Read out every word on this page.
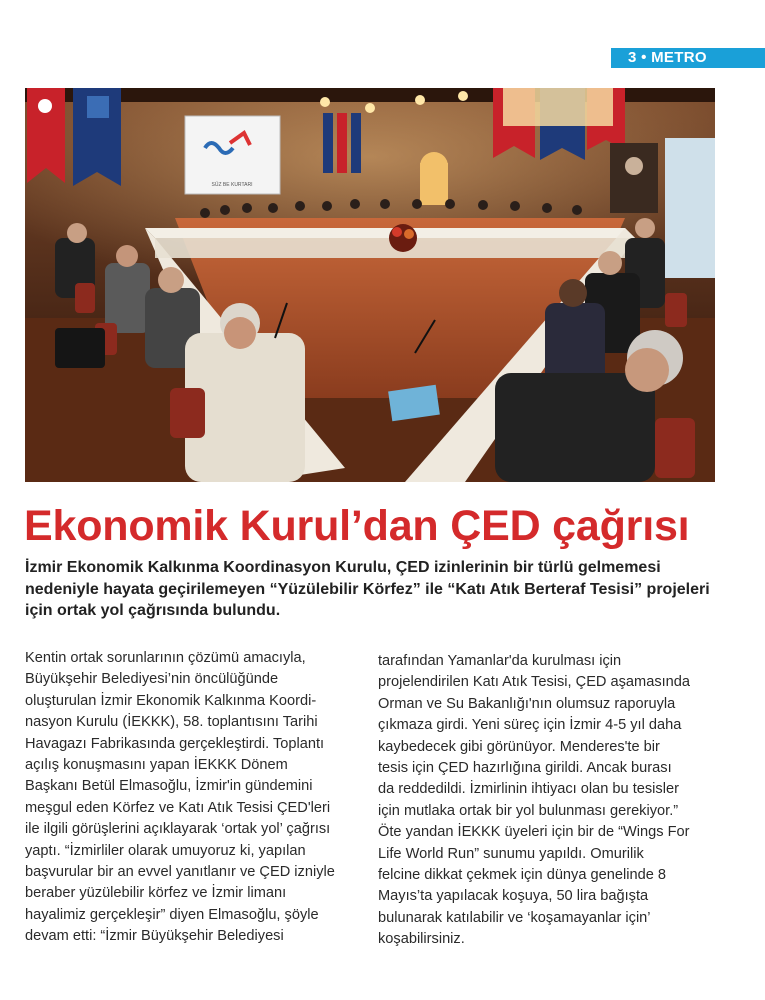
3 • METRO
SÜZ BE KURTARI
Ekonomik Kurul’dan ÇED çağrısı
İzmir Ekonomik Kalkınma Koordinasyon Kurulu, ÇED izinlerinin bir türlü gelmemesi nedeniyle hayata geçirilemeyen “Yüzülebilir Körfez” ile “Katı Atık Berteraf Tesisi” projeleri için ortak yol çağrısında bulundu.

Kentin ortak sorunlarının çözümü amacıyla,

Büyükşehir Belediyesi’nin öncülüğünde

oluşturulan İzmir Ekonomik Kalkınma Koordi-

nasyon Kurulu (İEKKK), 58. toplantısını Tarihi

Havagazı Fabrikasında gerçekleştirdi. Toplantı

açılış konuşmasını yapan İEKKK Dönem

Başkanı Betül Elmasoğlu, İzmir'in gündemini

meşgul eden Körfez ve Katı Atık Tesisi ÇED'leri

ile ilgili görüşlerini açıklayarak ‘ortak yol’ çağrısı

yaptı. “İzmirliler olarak umuyoruz ki, yapılan

başvurular bir an evvel yanıtlanır ve ÇED izniyle

beraber yüzülebilir körfez ve İzmir limanı

hayalimiz gerçekleşir” diyen Elmasoğlu, şöyle

devam etti: “İzmir Büyükşehir Belediyesi

tarafından Yamanlar'da kurulması için

projelendirilen Katı Atık Tesisi, ÇED aşamasında

Orman ve Su Bakanlığı'nın olumsuz raporuyla

çıkmaza girdi. Yeni süreç için İzmir 4-5 yıl daha

kaybedecek gibi görünüyor. Menderes'te bir

tesis için ÇED hazırlığına girildi. Ancak burası

da reddedildi. İzmirlinin ihtiyacı olan bu tesisler

için mutlaka ortak bir yol bulunması gerekiyor.”

Öte yandan İEKKK üyeleri için bir de “Wings For

Life World Run” sunumu yapıldı. Omurilik

felcine dikkat çekmek için dünya genelinde 8

Mayıs’ta yapılacak koşuya, 50 lira bağışta

bulunarak katılabilir ve ‘koşamayanlar için’

koşabilirsiniz.
